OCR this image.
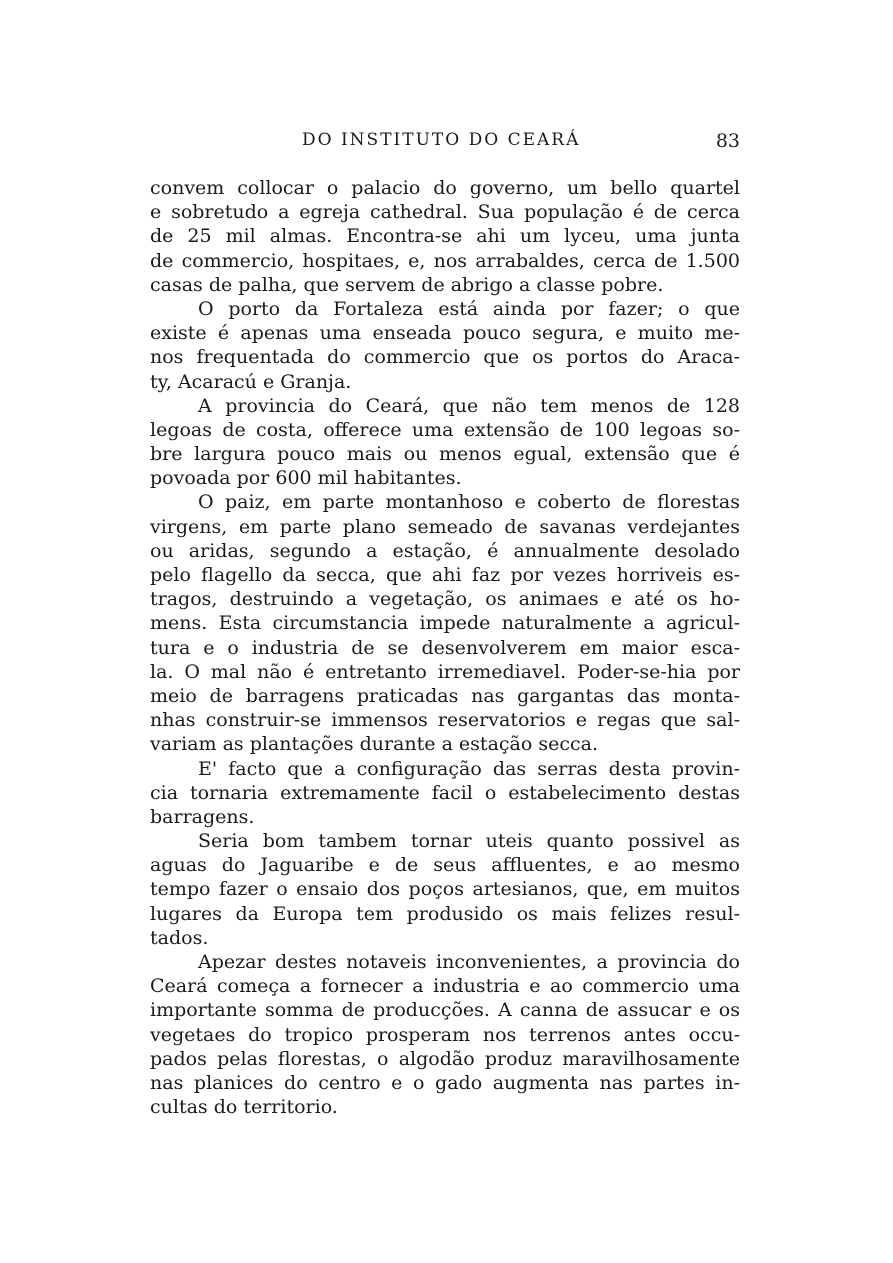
DO INSTITUTO DO CEARÁ	83
convem collocar o palacio do governo, um bello quartel
e sobretudo a egreja cathedral. Sua população é de cerca
de 25 mil almas. Encontra-se ahi um lyceu, uma junta
de commercio, hospitaes, e, nos arrabaldes, cerca de 1.500
casas de palha, que servem de abrigo a classe pobre.
O porto da Fortaleza está ainda por fazer; o que
existe é apenas uma enseada pouco segura, e muito me-
nos frequentada do commercio que os portos do Araca-
ty, Acaracú e Granja.
A provincia do Ceará, que não tem menos de 128
legoas de costa, offerece uma extensão de 100 legoas so-
bre largura pouco mais ou menos egual, extensão que é
povoada por 600 mil habitantes.
O paiz, em parte montanhoso e coberto de florestas
virgens, em parte plano semeado de savanas verdejantes
ou aridas, segundo a estação, é annualmente desolado
pelo flagello da secca, que ahi faz por vezes horriveis es-
tragos, destruindo a vegetação, os animaes e até os ho-
mens. Esta circumstancia impede naturalmente a agricul-
tura e o industria de se desenvolverem em maior esca-
la. O mal não é entretanto irremediavel. Poder-se-hia por
meio de barragens praticadas nas gargantas das monta-
nhas construir-se immensos reservatorios e regas que sal-
variam as plantações durante a estação secca.
E' facto que a configuração das serras desta provin-
cia tornaria extremamente facil o estabelecimento destas
barragens.
Seria bom tambem tornar uteis quanto possivel as
aguas do Jaguaribe e de seus affluentes, e ao mesmo
tempo fazer o ensaio dos poços artesianos, que, em muitos
lugares da Europa tem produsido os mais felizes resul-
tados.
Apezar destes notaveis inconvenientes, a provincia do
Ceará começa a fornecer a industria e ao commercio uma
importante somma de producções. A canna de assucar e os
vegetaes do tropico prosperam nos terrenos antes occu-
pados pelas florestas, o algodão produz maravilhosamente
nas planices do centro e o gado augmenta nas partes in-
cultas do territorio.
